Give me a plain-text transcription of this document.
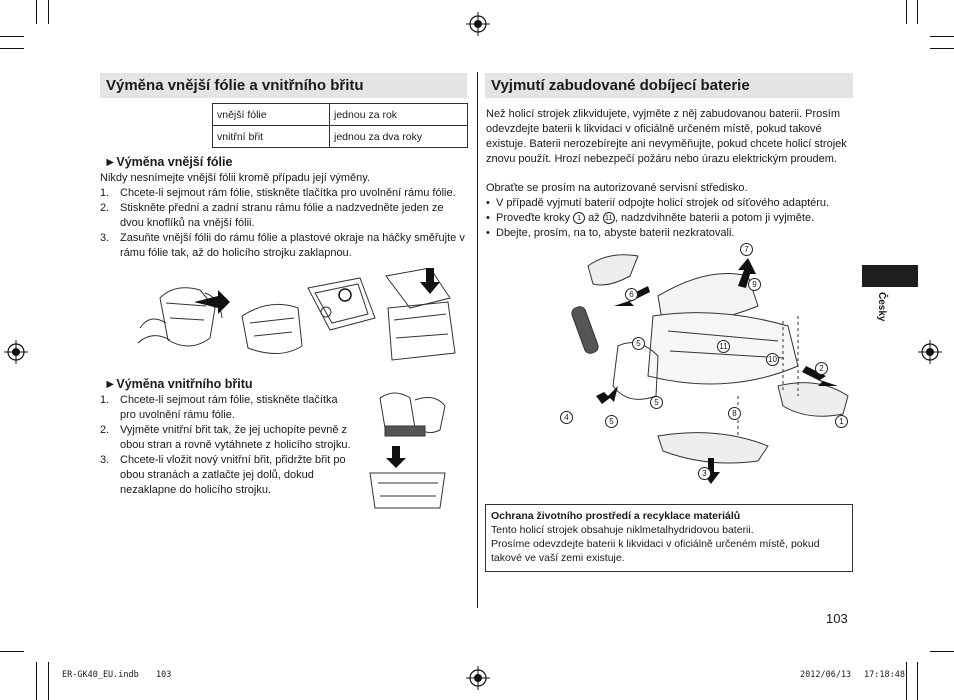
Výměna vnější fólie a vnitřního břitu
vnější fólie	jednou za rok
vnitřní břit	jednou za dva roky
►Výměna vnější fólie
Nikdy nesnímejte vnější fólii kromě případu její výměny.
1. Chcete-li sejmout rám fólie, stiskněte tlačítka pro uvolnění rámu fólie.
2. Stiskněte přední a zadní stranu rámu fólie a nadzvedněte jeden ze dvou knoflíků na vnější fólii.
3. Zasuňte vnější fólii do rámu fólie a plastové okraje na háčky směřujte v rámu fólie tak, až do holicího strojku zaklapnou.
►Výměna vnitřního břitu
1. Chcete-li sejmout rám fólie, stiskněte tlačítka pro uvolnění rámu fólie.
2. Vyjměte vnitřní břit tak, že jej uchopíte pevně z obou stran a rovně vytáhnete z holicího strojku.
3. Chcete-li vložit nový vnitřní břit, přidržte břit po obou stranách a zatlačte jej dolů, dokud nezaklapne do holicího strojku.
Vyjmutí zabudované dobíjecí baterie
Než holicí strojek zlikvidujete, vyjměte z něj zabudovanou baterii. Prosím odevzdejte baterii k likvidaci v oficiálně určeném místě, pokud takové existuje. Baterii nerozebírejte ani nevyměňujte, pokud chcete holicí strojek znovu použít. Hrozí nebezpečí požáru nebo úrazu elektrickým proudem.
Obraťte se prosím na autorizované servisní středisko.
• V případě vyjmutí baterií odpojte holicí strojek od síťového adaptéru.
• Proveďte kroky 1 až 11 , nadzdvihněte baterii a potom ji vyjměte.
• Dbejte, prosím, na to, abyste baterii nezkratovali.
1
2
3
4
5
5
5
6
7
8
9
10
11
Ochrana životního prostředí a recyklace materiálů
Tento holicí strojek obsahuje niklmetalhydridovou baterii.
Prosíme odevzdejte baterii k likvidaci v oficiálně určeném místě, pokud takové ve vaší zemi existuje.
Česky
103
ER-GK40_EU.indb 103	2012/06/13 17:18:48
